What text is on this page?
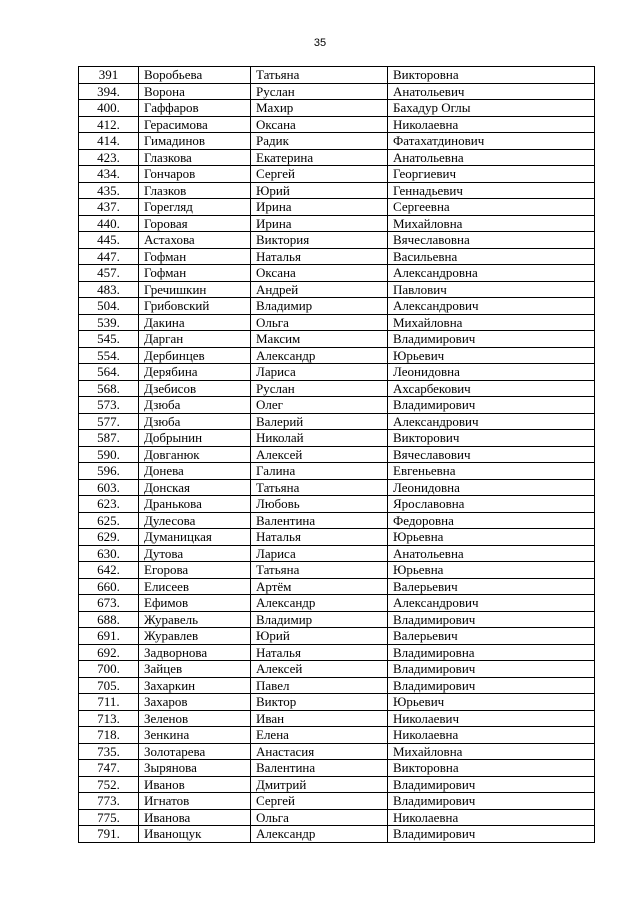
35
391	Воробьева	Татьяна	Викторовна
394.	Ворона	Руслан	Анатольевич
400.	Гаффаров	Махир	Бахадур Оглы
412.	Герасимова	Оксана	Николаевна
414.	Гимадинов	Радик	Фатахатдинович
423.	Глазкова	Екатерина	Анатольевна
434.	Гончаров	Сергей	Георгиевич
435.	Глазков	Юрий	Геннадьевич
437.	Горегляд	Ирина	Сергеевна
440.	Горовая	Ирина	Михайловна
445.	Астахова	Виктория	Вячеславовна
447.	Гофман	Наталья	Васильевна
457.	Гофман	Оксана	Александровна
483.	Гречишкин	Андрей	Павлович
504.	Грибовский	Владимир	Александрович
539.	Дакина	Ольга	Михайловна
545.	Дарган	Максим	Владимирович
554.	Дербинцев	Александр	Юрьевич
564.	Дерябина	Лариса	Леонидовна
568.	Дзебисов	Руслан	Ахсарбекович
573.	Дзюба	Олег	Владимирович
577.	Дзюба	Валерий	Александрович
587.	Добрынин	Николай	Викторович
590.	Довганюк	Алексей	Вячеславович
596.	Донева	Галина	Евгеньевна
603.	Донская	Татьяна	Леонидовна
623.	Дранькова	Любовь	Ярославовна
625.	Дулесова	Валентина	Федоровна
629.	Думаницкая	Наталья	Юрьевна
630.	Дутова	Лариса	Анатольевна
642.	Егорова	Татьяна	Юрьевна
660.	Елисеев	Артём	Валерьевич
673.	Ефимов	Александр	Александрович
688.	Журавель	Владимир	Владимирович
691.	Журавлев	Юрий	Валерьевич
692.	Задворнова	Наталья	Владимировна
700.	Зайцев	Алексей	Владимирович
705.	Захаркин	Павел	Владимирович
711.	Захаров	Виктор	Юрьевич
713.	Зеленов	Иван	Николаевич
718.	Зенкина	Елена	Николаевна
735.	Золотарева	Анастасия	Михайловна
747.	Зырянова	Валентина	Викторовна
752.	Иванов	Дмитрий	Владимирович
773.	Игнатов	Сергей	Владимирович
775.	Иванова	Ольга	Николаевна
791.	Иванощук	Александр	Владимирович
